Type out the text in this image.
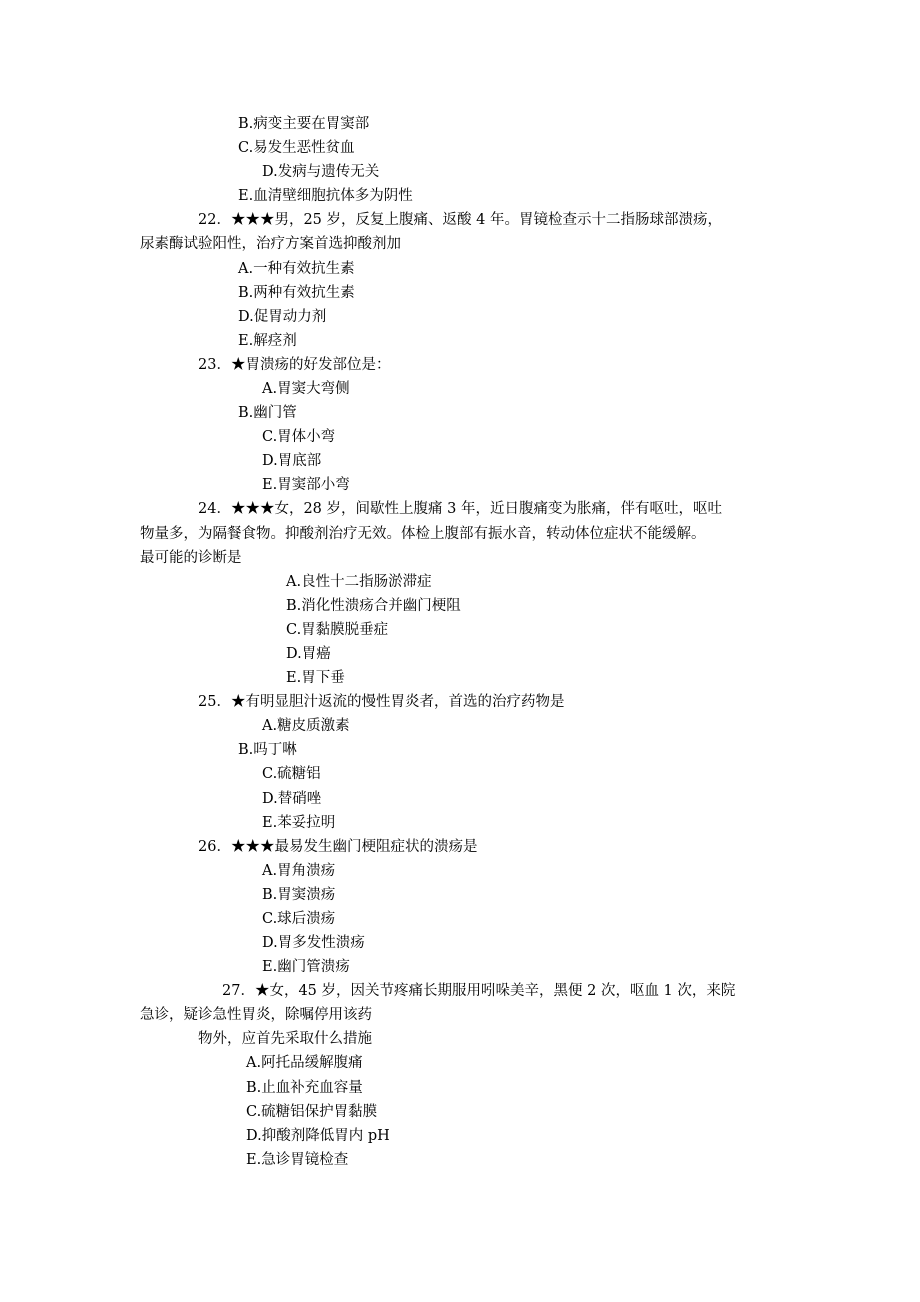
B.病变主要在胃窦部
C.易发生恶性贫血
D.发病与遗传无关
E.血清壁细胞抗体多为阴性
22．★★★男，25 岁，反复上腹痛、返酸 4 年。胃镜检查示十二指肠球部溃疡，
尿素酶试验阳性，治疗方案首选抑酸剂加
A.一种有效抗生素
B.两种有效抗生素
D.促胃动力剂
E.解痉剂
23．★胃溃疡的好发部位是：
A.胃窦大弯侧
B.幽门管
C.胃体小弯
D.胃底部
E.胃窦部小弯
24．★★★女，28 岁，间歇性上腹痛 3 年，近日腹痛变为胀痛，伴有呕吐，呕吐
物量多，为隔餐食物。抑酸剂治疗无效。体检上腹部有振水音，转动体位症状不能缓解。
最可能的诊断是
A.良性十二指肠淤滞症
B.消化性溃疡合并幽门梗阻
C.胃黏膜脱垂症
D.胃癌
E.胃下垂
25．★有明显胆汁返流的慢性胃炎者，首选的治疗药物是
A.糖皮质激素
B.吗丁啉
C.硫糖铝
D.替硝唑
E.苯妥拉明
26．★★★最易发生幽门梗阻症状的溃疡是
A.胃角溃疡
B.胃窦溃疡
C.球后溃疡
D.胃多发性溃疡
E.幽门管溃疡
27．★女，45 岁，因关节疼痛长期服用吲哚美辛，黑便 2 次，呕血 1 次，来院
急诊，疑诊急性胃炎，除嘱停用该药
物外，应首先采取什么措施
A.阿托品缓解腹痛
B.止血补充血容量
C.硫糖铝保护胃黏膜
D.抑酸剂降低胃内 pH
E.急诊胃镜检查
